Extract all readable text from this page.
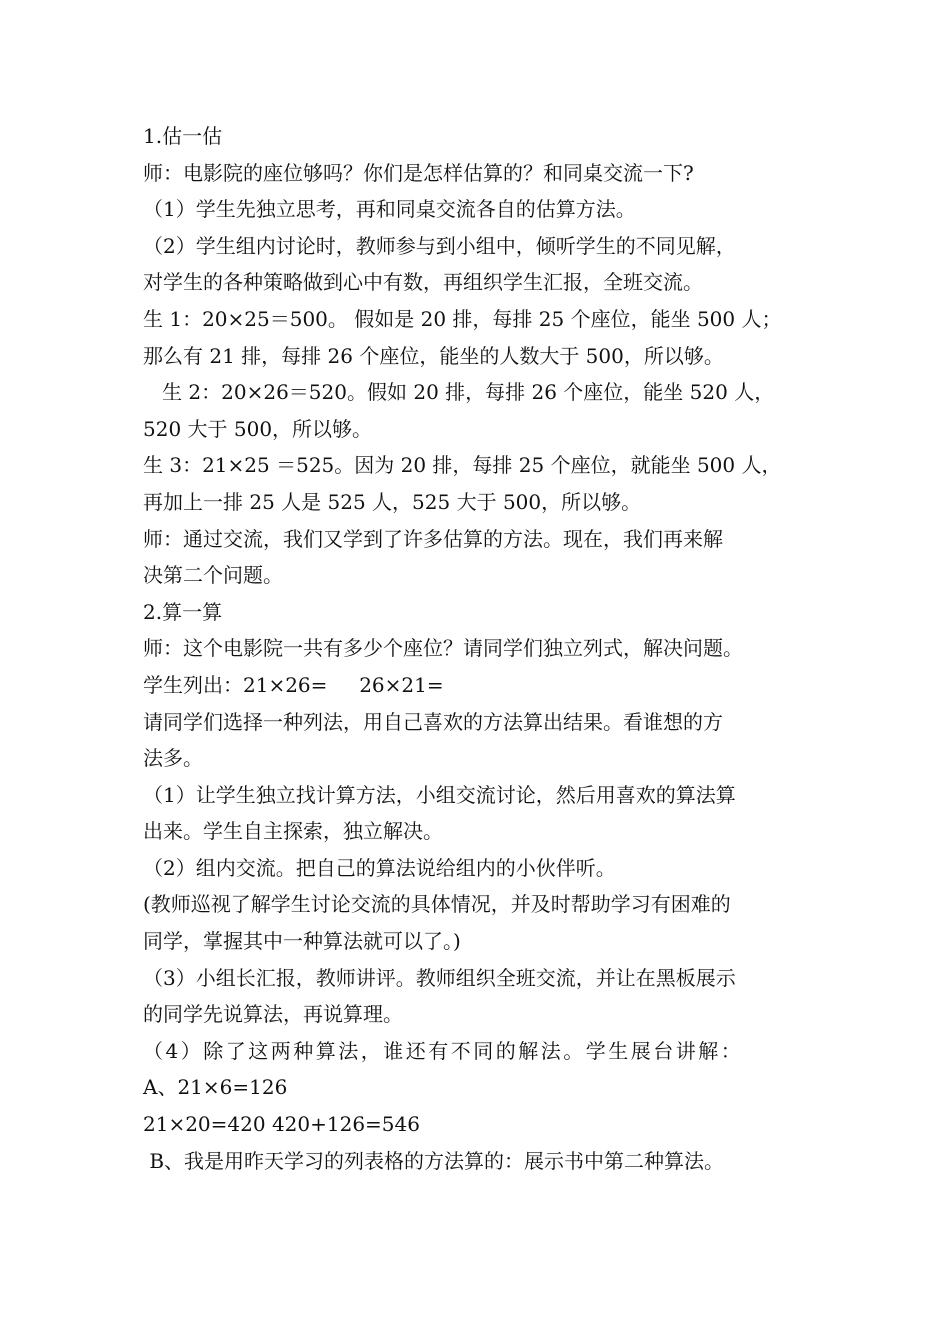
1.估一估
师：电影院的座位够吗？你们是怎样估算的？和同桌交流一下?
（1）学生先独立思考，再和同桌交流各自的估算方法。
（2）学生组内讨论时，教师参与到小组中，倾听学生的不同见解，
对学生的各种策略做到心中有数，再组织学生汇报，全班交流。
生 1：20×25＝500。 假如是 20 排，每排 25 个座位，能坐 500 人；
那么有 21 排，每排 26 个座位，能坐的人数大于 500，所以够。
生 2：20×26＝520。假如 20 排，每排 26 个座位，能坐 520 人，
520 大于 500，所以够。
生 3：21×25 ＝525。因为 20 排，每排 25 个座位，就能坐 500 人，
再加上一排 25 人是 525 人，525 大于 500，所以够。
师：通过交流，我们又学到了许多估算的方法。现在，我们再来解
决第二个问题。
2.算一算
师：这个电影院一共有多少个座位？请同学们独立列式，解决问题。
学生列出：21×26=     26×21=
请同学们选择一种列法，用自己喜欢的方法算出结果。看谁想的方
法多。
（1）让学生独立找计算方法，小组交流讨论，然后用喜欢的算法算
出来。学生自主探索，独立解决。
（2）组内交流。把自己的算法说给组内的小伙伴听。
(教师巡视了解学生讨论交流的具体情况，并及时帮助学习有困难的
同学，掌握其中一种算法就可以了。)
（3）小组长汇报，教师讲评。教师组织全班交流，并让在黑板展示
的同学先说算法，再说算理。
（4）除了这两种算法，谁还有不同的解法。学生展台讲解：
A、21×6=126
21×20=420 420+126=546
B、我是用昨天学习的列表格的方法算的：展示书中第二种算法。
